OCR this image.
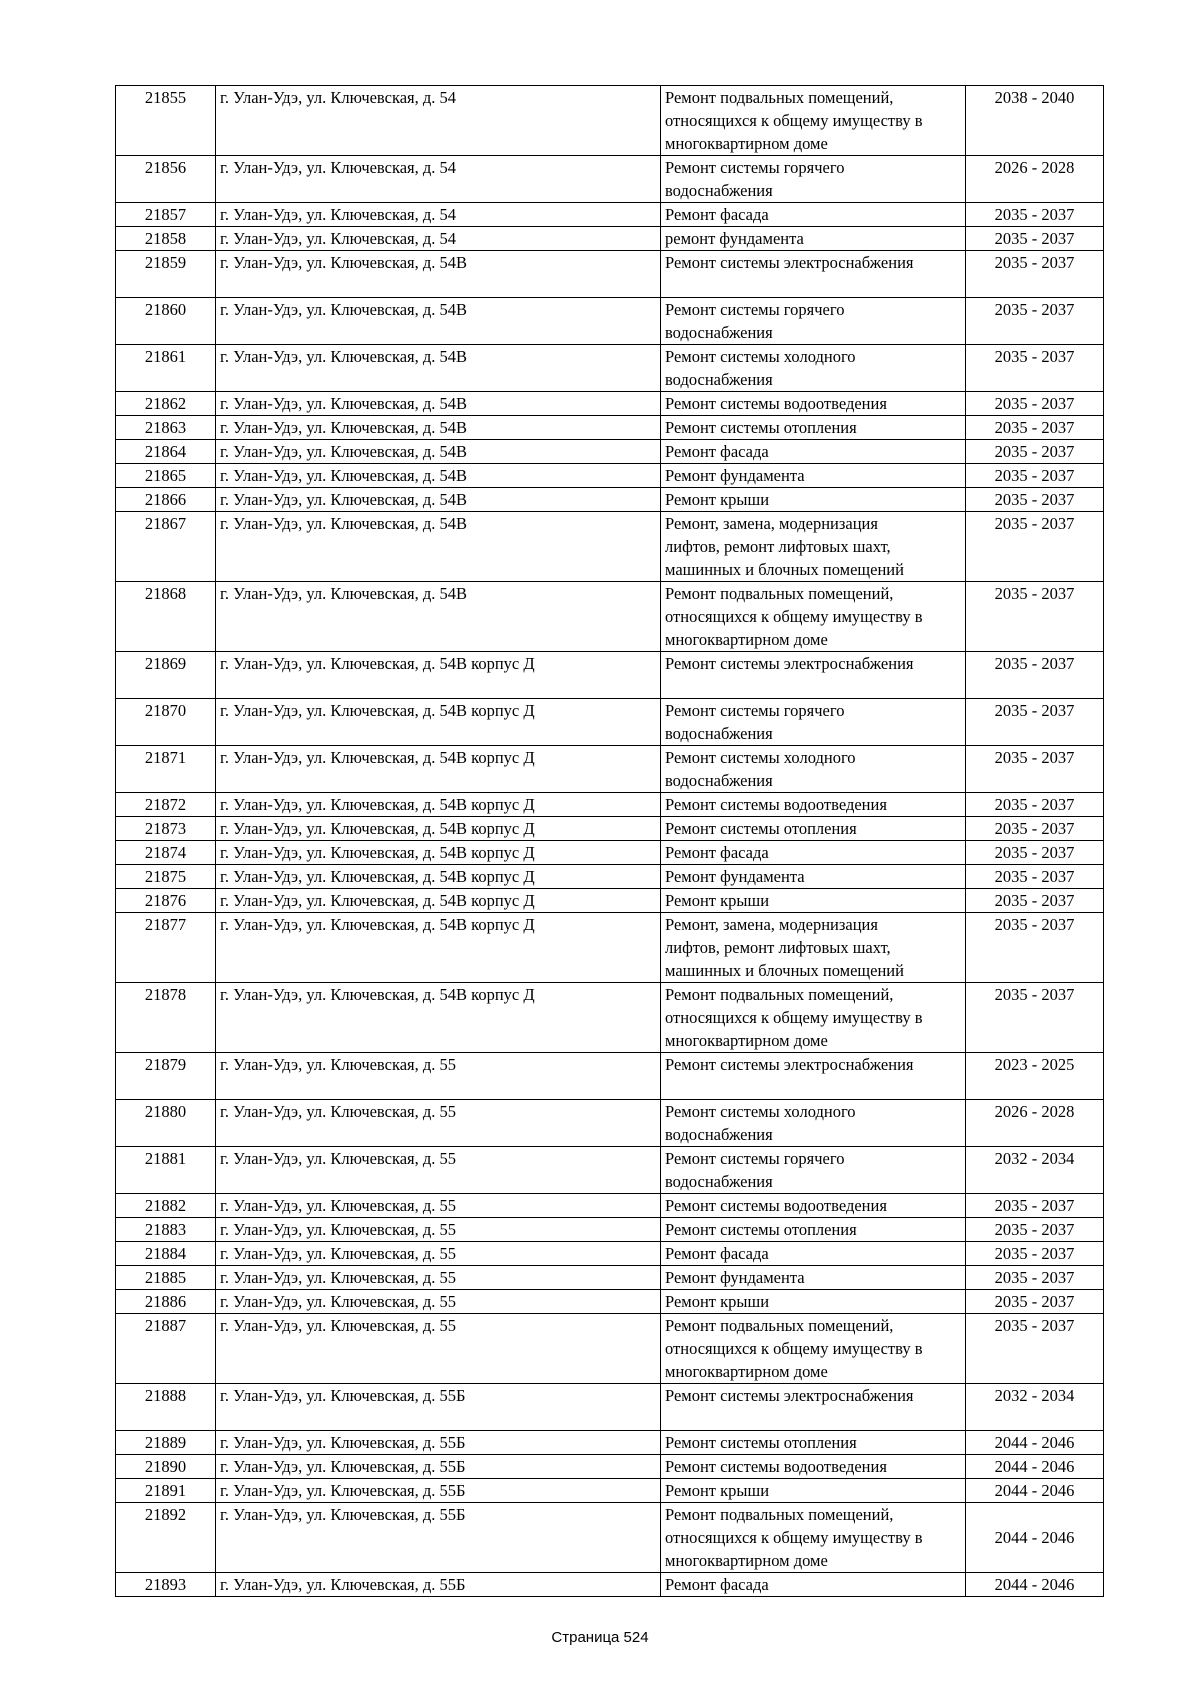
21855	г. Улан-Удэ, ул. Ключевская, д. 54	Ремонт подвальных помещений,
относящихся к общему имуществу в
многоквартирном доме	2038 - 2040
21856	г. Улан-Удэ, ул. Ключевская, д. 54	Ремонт системы горячего
водоснабжения	2026 - 2028
21857	г. Улан-Удэ, ул. Ключевская, д. 54	Ремонт фасада	2035 - 2037
21858	г. Улан-Удэ, ул. Ключевская, д. 54	ремонт фундамента	2035 - 2037
21859	г. Улан-Удэ, ул. Ключевская, д. 54В	Ремонт системы электроснабжения	2035 - 2037
21860	г. Улан-Удэ, ул. Ключевская, д. 54В	Ремонт системы горячего
водоснабжения	2035 - 2037
21861	г. Улан-Удэ, ул. Ключевская, д. 54В	Ремонт системы холодного
водоснабжения	2035 - 2037
21862	г. Улан-Удэ, ул. Ключевская, д. 54В	Ремонт системы водоотведения	2035 - 2037
21863	г. Улан-Удэ, ул. Ключевская, д. 54В	Ремонт системы отопления	2035 - 2037
21864	г. Улан-Удэ, ул. Ключевская, д. 54В	Ремонт фасада	2035 - 2037
21865	г. Улан-Удэ, ул. Ключевская, д. 54В	Ремонт фундамента	2035 - 2037
21866	г. Улан-Удэ, ул. Ключевская, д. 54В	Ремонт крыши	2035 - 2037
21867	г. Улан-Удэ, ул. Ключевская, д. 54В	Ремонт, замена, модернизация
лифтов, ремонт лифтовых шахт,
машинных и блочных помещений	2035 - 2037
21868	г. Улан-Удэ, ул. Ключевская, д. 54В	Ремонт подвальных помещений,
относящихся к общему имуществу в
многоквартирном доме	2035 - 2037
21869	г. Улан-Удэ, ул. Ключевская, д. 54В корпус Д	Ремонт системы электроснабжения	2035 - 2037
21870	г. Улан-Удэ, ул. Ключевская, д. 54В корпус Д	Ремонт системы горячего
водоснабжения	2035 - 2037
21871	г. Улан-Удэ, ул. Ключевская, д. 54В корпус Д	Ремонт системы холодного
водоснабжения	2035 - 2037
21872	г. Улан-Удэ, ул. Ключевская, д. 54В корпус Д	Ремонт системы водоотведения	2035 - 2037
21873	г. Улан-Удэ, ул. Ключевская, д. 54В корпус Д	Ремонт системы отопления	2035 - 2037
21874	г. Улан-Удэ, ул. Ключевская, д. 54В корпус Д	Ремонт фасада	2035 - 2037
21875	г. Улан-Удэ, ул. Ключевская, д. 54В корпус Д	Ремонт фундамента	2035 - 2037
21876	г. Улан-Удэ, ул. Ключевская, д. 54В корпус Д	Ремонт крыши	2035 - 2037
21877	г. Улан-Удэ, ул. Ключевская, д. 54В корпус Д	Ремонт, замена, модернизация
лифтов, ремонт лифтовых шахт,
машинных и блочных помещений	2035 - 2037
21878	г. Улан-Удэ, ул. Ключевская, д. 54В корпус Д	Ремонт подвальных помещений,
относящихся к общему имуществу в
многоквартирном доме	2035 - 2037
21879	г. Улан-Удэ, ул. Ключевская, д. 55	Ремонт системы электроснабжения	2023 - 2025
21880	г. Улан-Удэ, ул. Ключевская, д. 55	Ремонт системы холодного
водоснабжения	2026 - 2028
21881	г. Улан-Удэ, ул. Ключевская, д. 55	Ремонт системы горячего
водоснабжения	2032 - 2034
21882	г. Улан-Удэ, ул. Ключевская, д. 55	Ремонт системы водоотведения	2035 - 2037
21883	г. Улан-Удэ, ул. Ключевская, д. 55	Ремонт системы отопления	2035 - 2037
21884	г. Улан-Удэ, ул. Ключевская, д. 55	Ремонт фасада	2035 - 2037
21885	г. Улан-Удэ, ул. Ключевская, д. 55	Ремонт фундамента	2035 - 2037
21886	г. Улан-Удэ, ул. Ключевская, д. 55	Ремонт крыши	2035 - 2037
21887	г. Улан-Удэ, ул. Ключевская, д. 55	Ремонт подвальных помещений,
относящихся к общему имуществу в
многоквартирном доме	2035 - 2037
21888	г. Улан-Удэ, ул. Ключевская, д. 55Б	Ремонт системы электроснабжения	2032 - 2034
21889	г. Улан-Удэ, ул. Ключевская, д. 55Б	Ремонт системы отопления	2044 - 2046
21890	г. Улан-Удэ, ул. Ключевская, д. 55Б	Ремонт системы водоотведения	2044 - 2046
21891	г. Улан-Удэ, ул. Ключевская, д. 55Б	Ремонт крыши	2044 - 2046
21892	г. Улан-Удэ, ул. Ключевская, д. 55Б	Ремонт подвальных помещений,
относящихся к общему имуществу в
многоквартирном доме	2044 - 2046
21893	г. Улан-Удэ, ул. Ключевская, д. 55Б	Ремонт фасада	2044 - 2046
Страница 524
